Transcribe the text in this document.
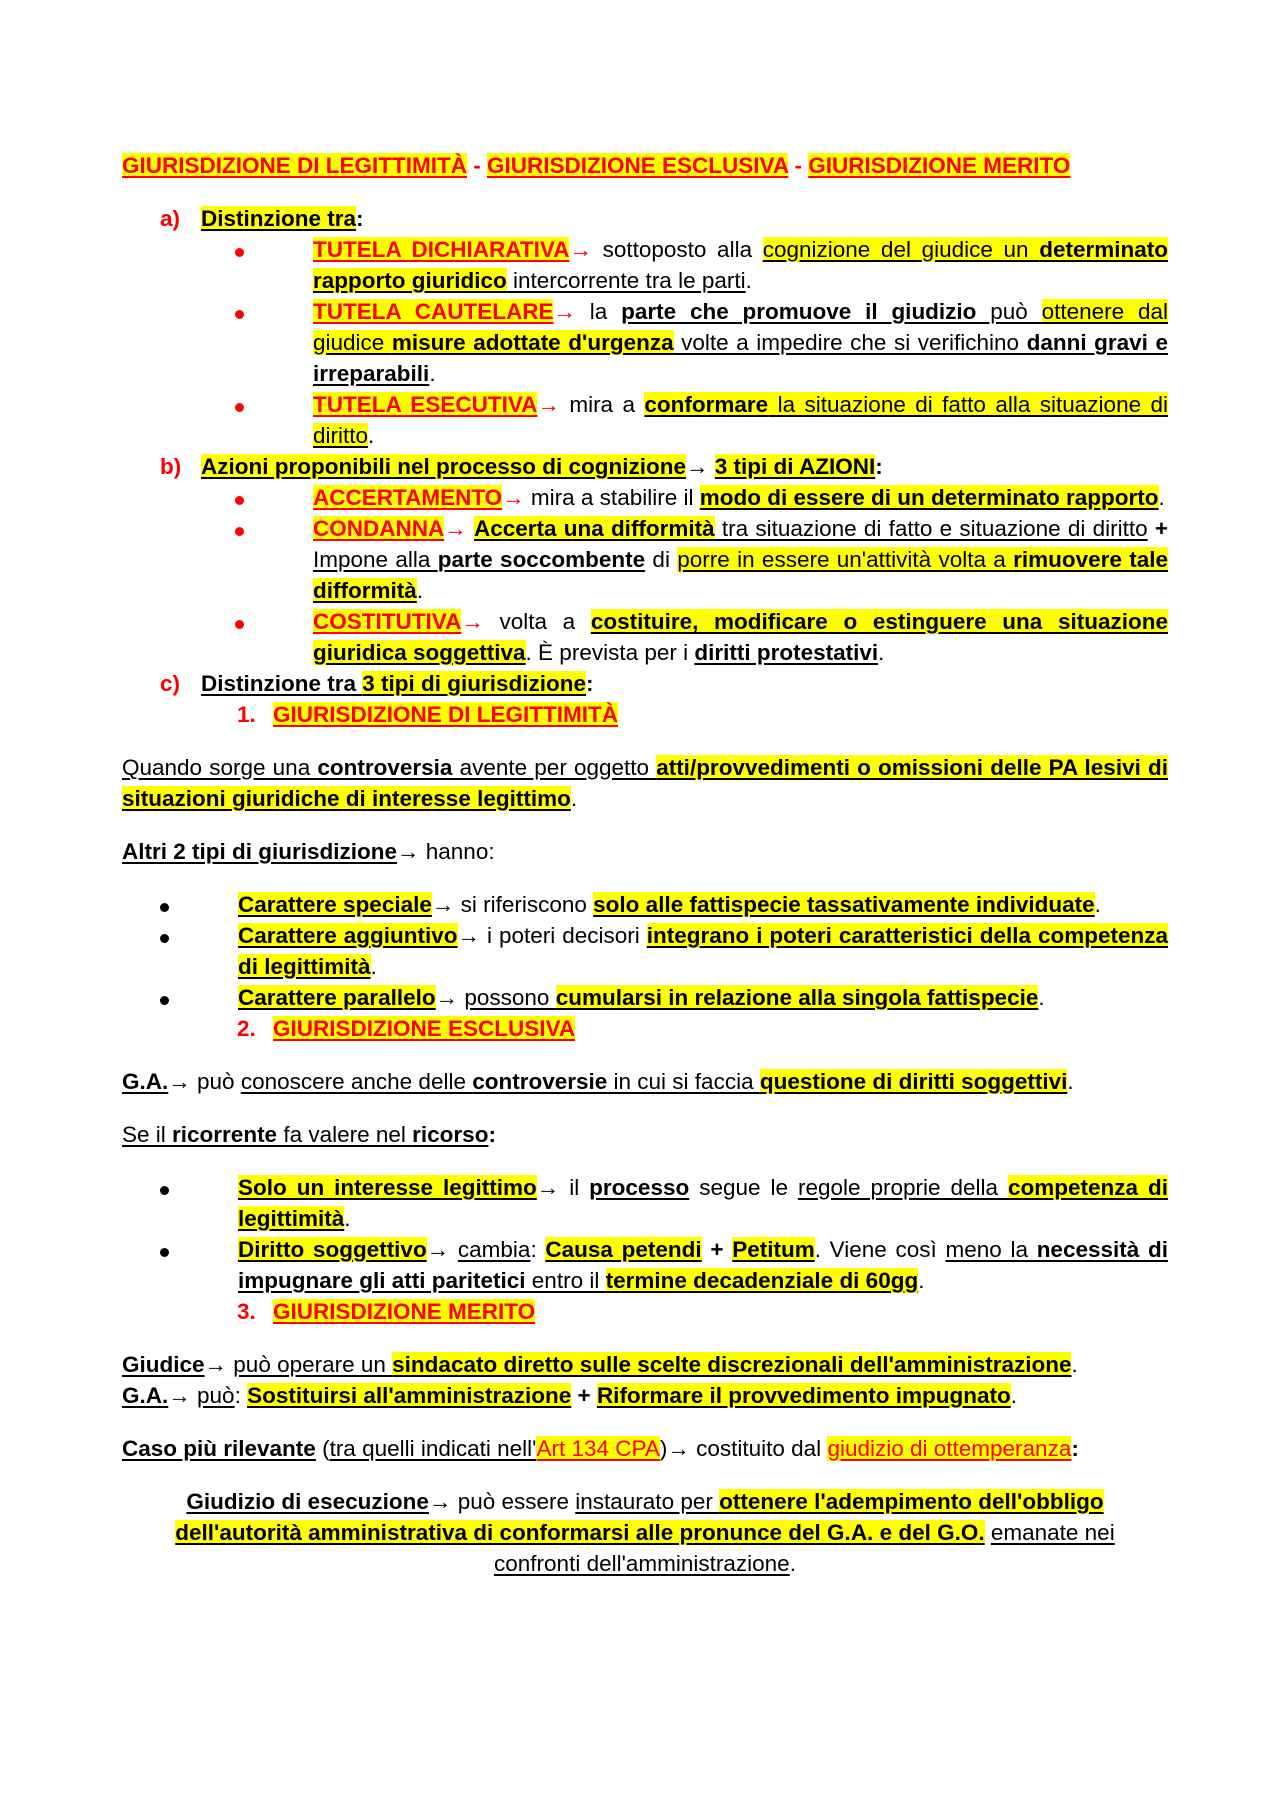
GIURISDIZIONE DI LEGITTIMITÀ - GIURISDIZIONE ESCLUSIVA - GIURISDIZIONE MERITO

a) Distinzione tra:

TUTELA DICHIARATIVA→ sottoposto alla cognizione del giudice un determinato rapporto giuridico intercorrente tra le parti.

TUTELA CAUTELARE→ la parte che promuove il giudizio può ottenere dal giudice misure adottate d'urgenza volte a impedire che si verifichino danni gravi e irreparabili.

TUTELA ESECUTIVA→ mira a conformare la situazione di fatto alla situazione di diritto.

b) Azioni proponibili nel processo di cognizione→ 3 tipi di AZIONI:

ACCERTAMENTO→ mira a stabilire il modo di essere di un determinato rapporto.

CONDANNA→ Accerta una difformità tra situazione di fatto e situazione di diritto + Impone alla parte soccombente di porre in essere un'attività volta a rimuovere tale difformità.

COSTITUTIVA→ volta a costituire, modificare o estinguere una situazione giuridica soggettiva. È prevista per i diritti protestativi.

c) Distinzione tra 3 tipi di giurisdizione:

1. GIURISDIZIONE DI LEGITTIMITÀ

Quando sorge una controversia avente per oggetto atti/provvedimenti o omissioni delle PA lesivi di situazioni giuridiche di interesse legittimo.

Altri 2 tipi di giurisdizione→ hanno:

Carattere speciale→ si riferiscono solo alle fattispecie tassativamente individuate.

Carattere aggiuntivo→ i poteri decisori integrano i poteri caratteristici della competenza di legittimità.

Carattere parallelo→ possono cumularsi in relazione alla singola fattispecie.

2. GIURISDIZIONE ESCLUSIVA

G.A.→ può conoscere anche delle controversie in cui si faccia questione di diritti soggettivi.

Se il ricorrente fa valere nel ricorso:

Solo un interesse legittimo→ il processo segue le regole proprie della competenza di legittimità.

Diritto soggettivo→ cambia: Causa petendi + Petitum. Viene così meno la necessità di impugnare gli atti paritetici entro il termine decadenziale di 60gg.

3. GIURISDIZIONE MERITO

Giudice→ può operare un sindacato diretto sulle scelte discrezionali dell'amministrazione.

G.A.→ può: Sostituirsi all'amministrazione + Riformare il provvedimento impugnato.

Caso più rilevante (tra quelli indicati nell'Art 134 CPA)→ costituito dal giudizio di ottemperanza:

Giudizio di esecuzione→ può essere instaurato per ottenere l'adempimento dell'obbligo dell'autorità amministrativa di conformarsi alle pronunce del G.A. e del G.O. emanate nei confronti dell'amministrazione.
